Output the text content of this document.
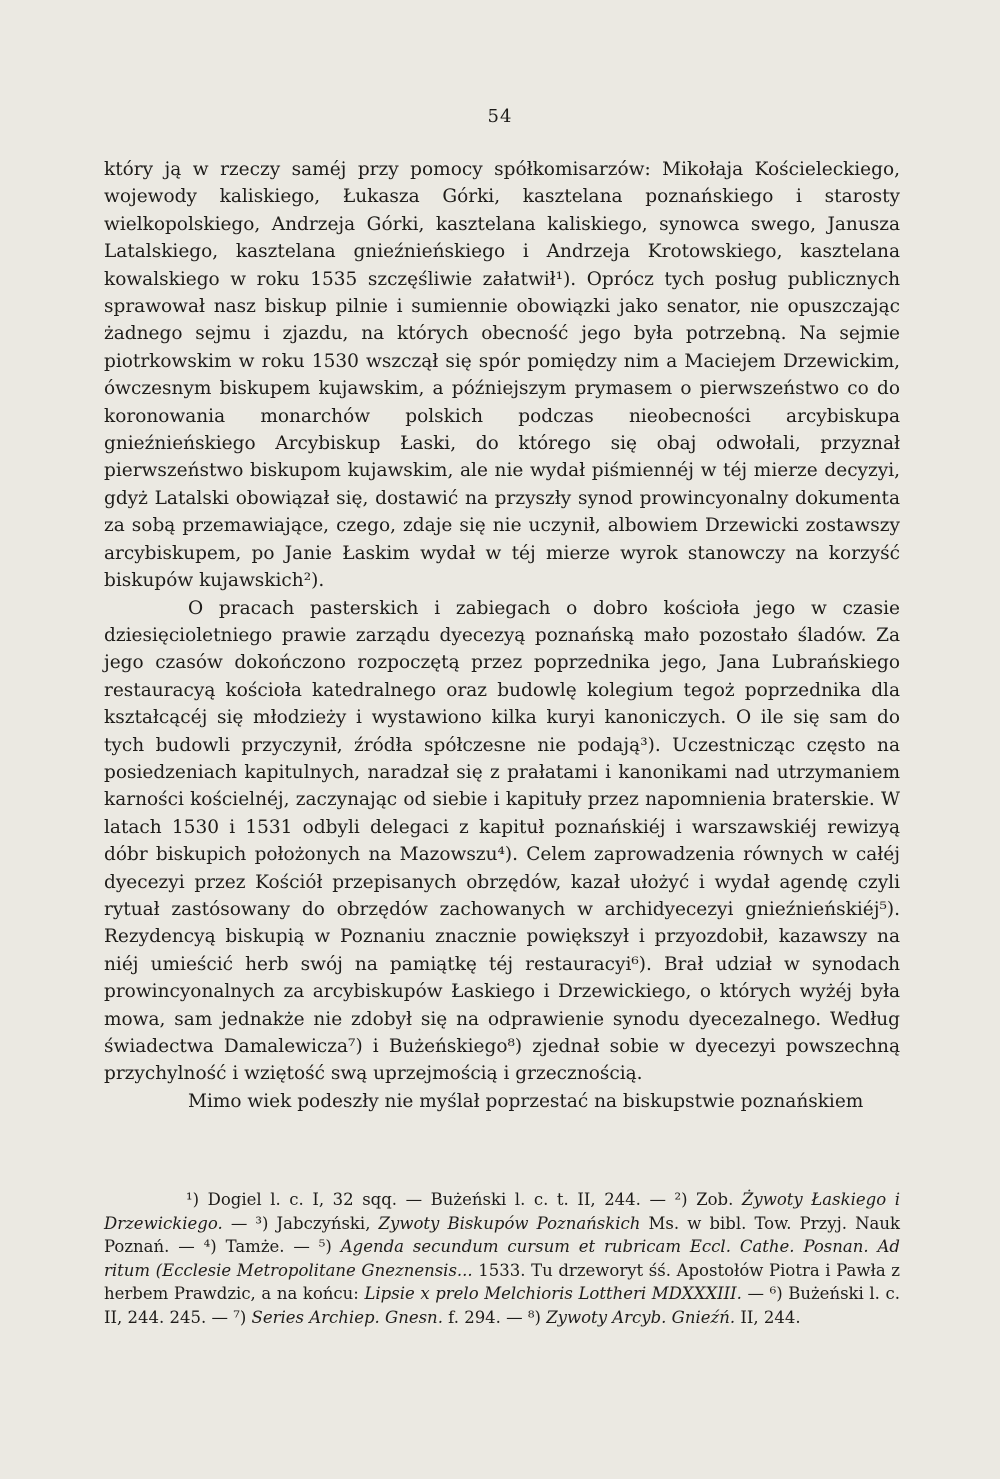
54

który ją w rzeczy saméj przy pomocy spółkomisarzów: Mikołaja Kościeleckiego, wojewody kaliskiego, Łukasza Górki, kasztelana poznańskiego i starosty wielkopolskiego, Andrzeja Górki, kasztelana kaliskiego, synowca swego, Janusza Latalskiego, kasztelana gnieźnieńskiego i Andrzeja Krotowskiego, kasztelana kowalskiego w roku 1535 szczęśliwie załatwił¹). Oprócz tych posług publicznych sprawował nasz biskup pilnie i sumiennie obowiązki jako senator, nie opuszczając żadnego sejmu i zjazdu, na których obecność jego była potrzebną. Na sejmie piotrkowskim w roku 1530 wszczął się spór pomiędzy nim a Maciejem Drzewickim, ówczesnym biskupem kujawskim, a późniejszym prymasem o pierwszeństwo co do koronowania monarchów polskich podczas nieobecności arcybiskupa gnieźnieńskiego Arcybiskup Łaski, do którego się obaj odwołali, przyznał pierwszeństwo biskupom kujawskim, ale nie wydał piśmiennéj w téj mierze decyzyi, gdyż Latalski obowiązał się, dostawić na przyszły synod prowincyonalny dokumenta za sobą przemawiające, czego, zdaje się nie uczynił, albowiem Drzewicki zostawszy arcybiskupem, po Janie Łaskim wydał w téj mierze wyrok stanowczy na korzyść biskupów kujawskich²).

O pracach pasterskich i zabiegach o dobro kościoła jego w czasie dziesięcioletniego prawie zarządu dyecezyą poznańską mało pozostało śladów. Za jego czasów dokończono rozpoczętą przez poprzednika jego, Jana Lubrańskiego restauracyą kościoła katedralnego oraz budowlę kolegium tegoż poprzednika dla kształcącéj się młodzieży i wystawiono kilka kuryi kanoniczych. O ile się sam do tych budowli przyczynił, źródła spółczesne nie podają³). Uczestnicząc często na posiedzeniach kapitulnych, naradzał się z prałatami i kanonikami nad utrzymaniem karności kościelnéj, zaczynając od siebie i kapituły przez napomnienia braterskie. W latach 1530 i 1531 odbyli delegaci z kapituł poznańskiéj i warszawskiéj rewizyą dóbr biskupich położonych na Mazowszu⁴). Celem zaprowadzenia równych w całéj dyecezyi przez Kościół przepisanych obrzędów, kazał ułożyć i wydał agendę czyli rytuał zastósowany do obrzędów zachowanych w archidyecezyi gnieźnieńskiéj⁵). Rezydencyą biskupią w Poznaniu znacznie powiększył i przyozdobił, kazawszy na niéj umieścić herb swój na pamiątkę téj restauracyi⁶). Brał udział w synodach prowincyonalnych za arcybiskupów Łaskiego i Drzewickiego, o których wyżéj była mowa, sam jednakże nie zdobył się na odprawienie synodu dyecezalnego. Według świadectwa Damalewicza⁷) i Bużeńskiego⁸) zjednał sobie w dyecezyi powszechną przychylność i wziętość swą uprzejmością i grzecznością.

Mimo wiek podeszły nie myślał poprzestać na biskupstwie poznańskiem

¹) Dogiel l. c. I, 32 sqq. — Bużeński l. c. t. II, 244. — ²) Zob. Żywoty Łaskiego i Drzewickiego. — ³) Jabczyński, Zywoty Biskupów Poznańskich Ms. w bibl. Tow. Przyj. Nauk Poznań. — ⁴) Tamże. — ⁵) Agenda secundum cursum et rubricam Eccl. Cathe. Posnan. Ad ritum (Ecclesie Metropolitane Gneznensis... 1533. Tu drzeworyt śś. Apostołów Piotra i Pawła z herbem Prawdzic, a na końcu: Lipsie x prelo Melchioris Lottheri MDXXXIII. — ⁶) Bużeński l. c. II, 244. 245. — ⁷) Series Archiep. Gnesn. f. 294. — ⁸) Zywoty Arcyb. Gnieźń. II, 244.
